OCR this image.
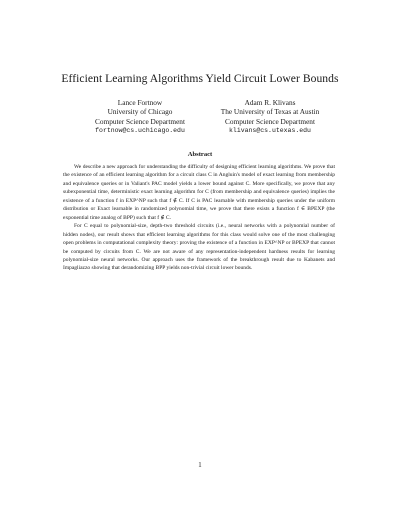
Efficient Learning Algorithms Yield Circuit Lower Bounds
Lance Fortnow
University of Chicago
Computer Science Department
fortnow@cs.uchicago.edu
Adam R. Klivans
The University of Texas at Austin
Computer Science Department
klivans@cs.utexas.edu
Abstract

We describe a new approach for understanding the difficulty of designing efficient learning algorithms. We prove that the existence of an efficient learning algorithm for a circuit class C in Angluin's model of exact learning from membership and equivalence queries or in Valiant's PAC model yields a lower bound against C. More specifically, we prove that any subexponential time, deterministic exact learning algorithm for C (from membership and equivalence queries) implies the existence of a function f in EXP^NP such that f ∉ C. If C is PAC learnable with membership queries under the uniform distribution or Exact learnable in randomized polynomial time, we prove that there exists a function f ∈ BPEXP (the exponential time analog of BPP) such that f ∉ C.

For C equal to polynomial-size, depth-two threshold circuits (i.e., neural networks with a polynomial number of hidden nodes), our result shows that efficient learning algorithms for this class would solve one of the most challenging open problems in computational complexity theory: proving the existence of a function in EXP^NP or BPEXP that cannot be computed by circuits from C. We are not aware of any representation-independent hardness results for learning polynomial-size neural networks. Our approach uses the framework of the breakthrough result due to Kabanets and Impagliazzo showing that derandomizing BPP yields non-trivial circuit lower bounds.

1
